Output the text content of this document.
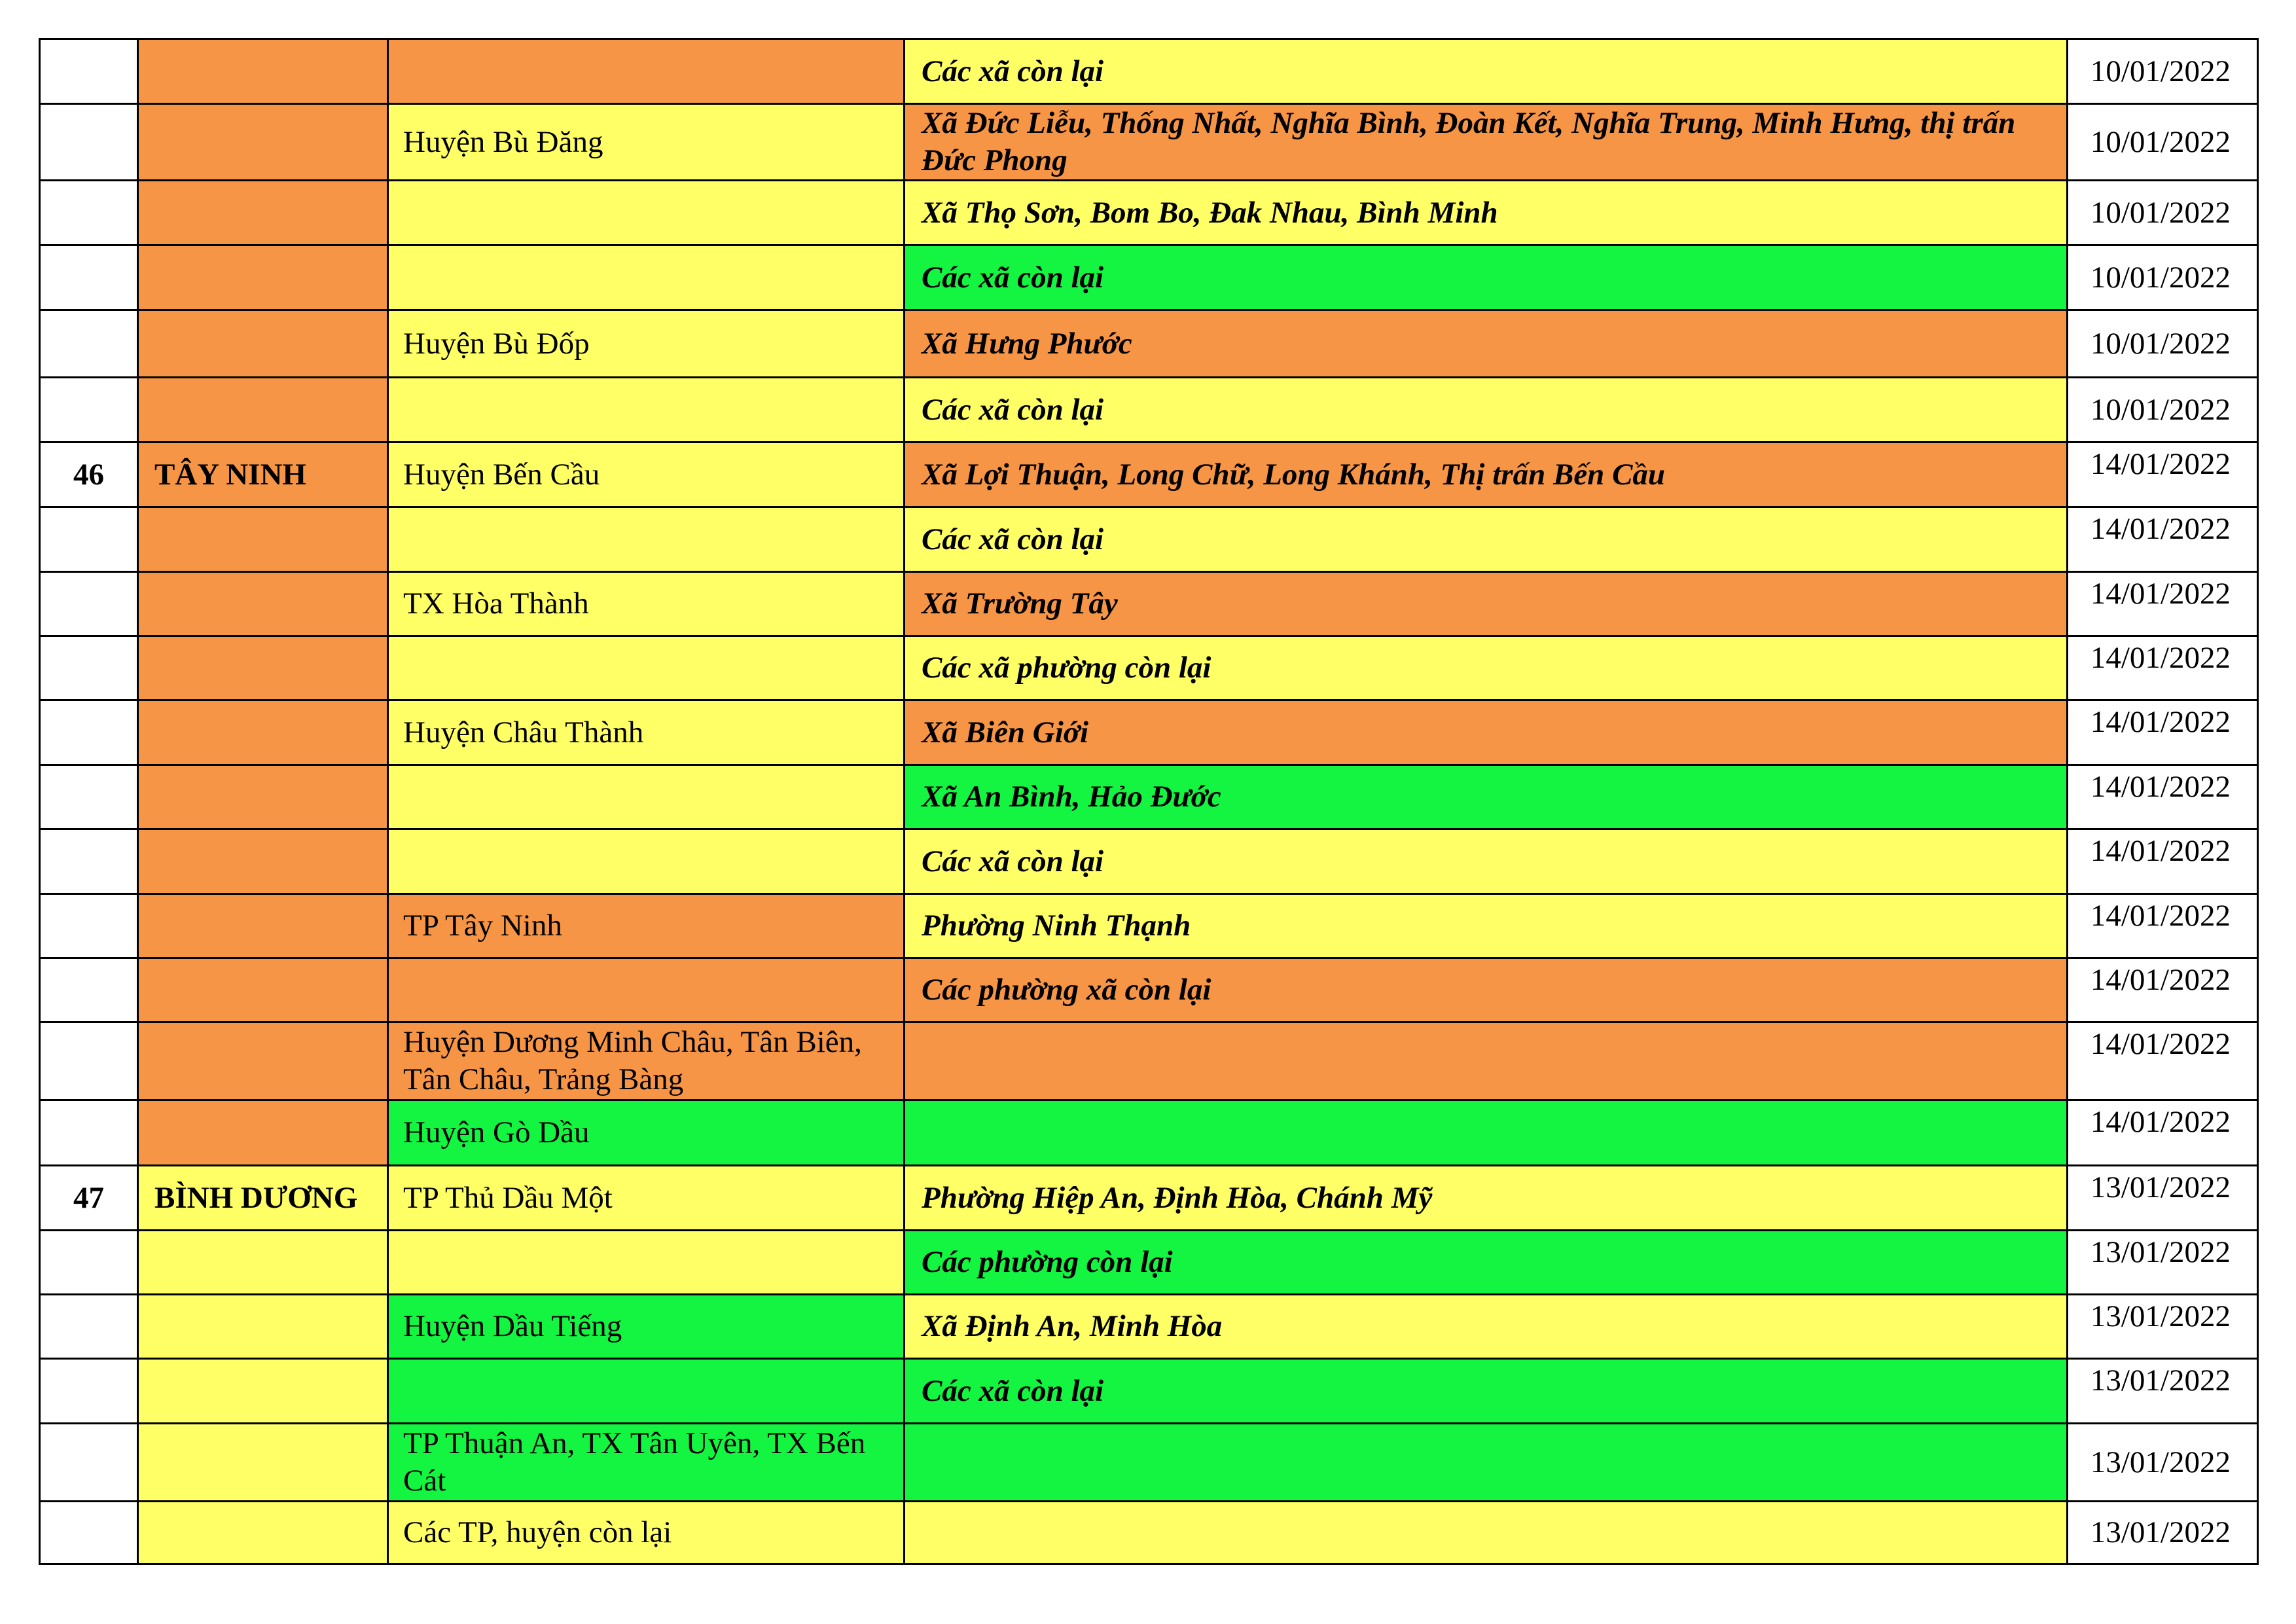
			Các xã còn lại	10/01/2022
		Huyện Bù Đăng	Xã Đức Liễu, Thống Nhất, Nghĩa Bình, Đoàn Kết, Nghĩa Trung, Minh Hưng, thị trấn Đức Phong	10/01/2022
			Xã Thọ Sơn, Bom Bo, Đak Nhau, Bình Minh	10/01/2022
			Các xã còn lại	10/01/2022
		Huyện Bù Đốp	Xã Hưng Phước	10/01/2022
			Các xã còn lại	10/01/2022
46	TÂY NINH	Huyện Bến Cầu	Xã Lợi Thuận, Long Chữ, Long Khánh, Thị trấn Bến Cầu	14/01/2022
			Các xã còn lại	14/01/2022
		TX Hòa Thành	Xã Trường Tây	14/01/2022
			Các xã phường còn lại	14/01/2022
		Huyện Châu Thành	Xã Biên Giới	14/01/2022
			Xã An Bình, Hảo Đước	14/01/2022
			Các xã còn lại	14/01/2022
		TP Tây Ninh	Phường Ninh Thạnh	14/01/2022
			Các phường xã còn lại	14/01/2022
		Huyện Dương Minh Châu, Tân Biên, Tân Châu, Trảng Bàng		14/01/2022
		Huyện Gò Dầu		14/01/2022
47	BÌNH DƯƠNG	TP Thủ Dầu Một	Phường Hiệp An, Định Hòa, Chánh Mỹ	13/01/2022
			Các phường còn lại	13/01/2022
		Huyện Dầu Tiếng	Xã Định An, Minh Hòa	13/01/2022
			Các xã còn lại	13/01/2022
		TP Thuận An, TX Tân Uyên, TX Bến Cát		13/01/2022
		Các TP, huyện còn lại		13/01/2022
